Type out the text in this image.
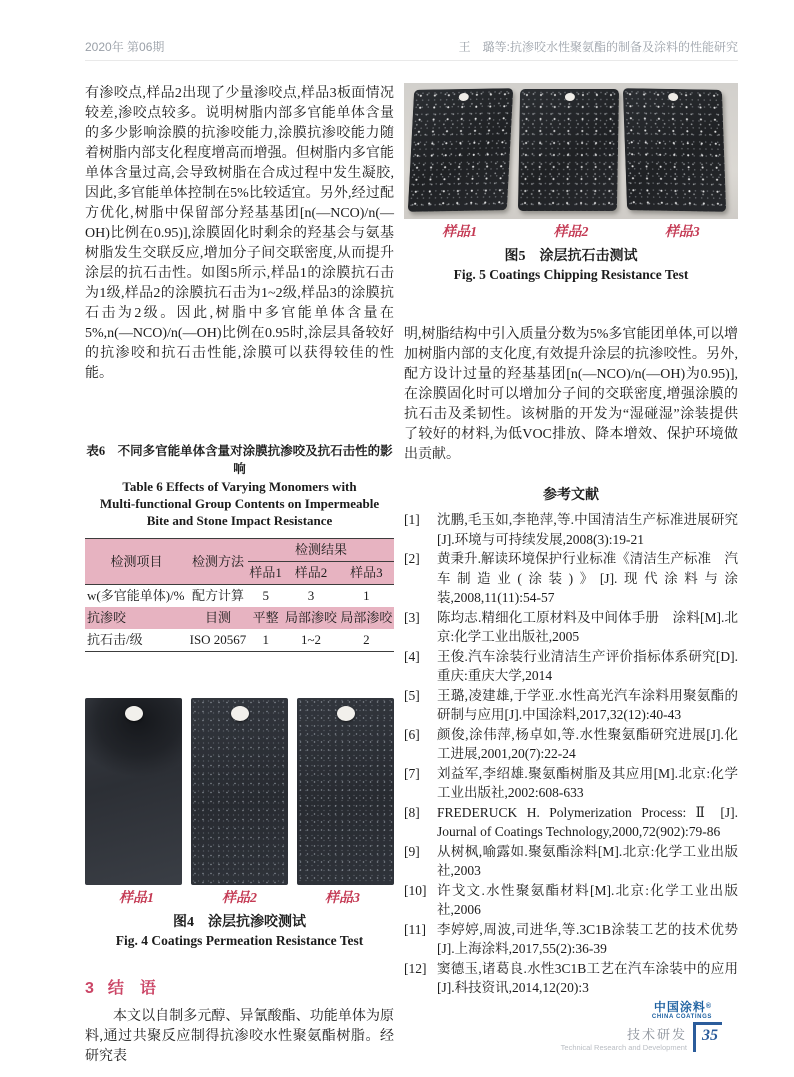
2020年 第06期	王　璐等:抗渗咬水性聚氨酯的制备及涂料的性能研究

有渗咬点,样品2出现了少量渗咬点,样品3板面情况较差,渗咬点较多。说明树脂内部多官能单体含量的多少影响涂膜的抗渗咬能力,涂膜抗渗咬能力随着树脂内部支化程度增高而增强。但树脂内多官能单体含量过高,会导致树脂在合成过程中发生凝胶,因此,多官能单体控制在5%比较适宜。另外,经过配方优化,树脂中保留部分羟基基团[n(—NCO)/n(—OH)比例在0.95)],涂膜固化时剩余的羟基会与氨基树脂发生交联反应,增加分子间交联密度,从而提升涂层的抗石击性。如图5所示,样品1的涂膜抗石击为1级,样品2的涂膜抗石击为1~2级,样品3的涂膜抗石击为2级。因此,树脂中多官能单体含量在5%,n(—NCO)/n(—OH)比例在0.95时,涂层具备较好的抗渗咬和抗石击性能,涂膜可以获得较佳的性能。

表6　不同多官能单体含量对涂膜抗渗咬及抗石击性的影响
Table 6 Effects of Varying Monomers with
Multi-functional Group Contents on Impermeable
Bite and Stone Impact Resistance
检测项目	检测方法	检测结果		
		样品1	样品2	样品3
w(多官能单体)/%	配方计算	5	3	1
抗渗咬	目测	平整	局部渗咬	局部渗咬
抗石击/级	ISO 20567	1	1~2	2
样品1	样品2	样品3
图4　涂层抗渗咬测试
Fig. 4 Coatings Permeation Resistance Test
3 结　语

本文以自制多元醇、异氰酸酯、功能单体为原料,通过共聚反应制得抗渗咬水性聚氨酯树脂。经研究表

样品1	样品2	样品3
图5　涂层抗石击测试
Fig. 5 Coatings Chipping Resistance Test

明,树脂结构中引入质量分数为5%多官能团单体,可以增加树脂内部的支化度,有效提升涂层的抗渗咬性。另外,配方设计过量的羟基基团[n(—NCO)/n(—OH)为0.95)],在涂膜固化时可以增加分子间的交联密度,增强涂膜的抗石击及柔韧性。该树脂的开发为“湿碰湿”涂装提供了较好的材料,为低VOC排放、降本增效、保护环境做出贡献。

参考文献
[1]	沈鹏,毛玉如,李艳萍,等.中国清洁生产标准进展研究[J].环境与可持续发展,2008(3):19-21
[2]	黄秉升.解读环境保护行业标准《清洁生产标准　汽车制造业(涂装)》[J].现代涂料与涂装,2008,11(11):54-57
[3]	陈均志.精细化工原材料及中间体手册　涂料[M].北京:化学工业出版社,2005
[4]	王俊.汽车涂装行业清洁生产评价指标体系研究[D].重庆:重庆大学,2014
[5]	王璐,凌建雄,于学亚.水性高光汽车涂料用聚氨酯的研制与应用[J].中国涂料,2017,32(12):40-43
[6]	颜俊,涂伟萍,杨卓如,等.水性聚氨酯研究进展[J].化工进展,2001,20(7):22-24
[7]	刘益军,李绍雄.聚氨酯树脂及其应用[M].北京:化学工业出版社,2002:608-633
[8]	FREDERUCK H. Polymerization Process: Ⅱ [J]. Journal of Coatings Technology,2000,72(902):79-86
[9]	从树枫,喻露如.聚氨酯涂料[M].北京:化学工业出版社,2003
[10] 许戈文.水性聚氨酯材料[M].北京:化学工业出版社,2006
[11] 李婷婷,周波,司进华,等.3C1B涂装工艺的技术优势[J].上海涂料,2017,55(2):36-39
[12] 窦德玉,诸葛良.水性3C1B工艺在汽车涂装中的应用[J].科技资讯,2014,12(20):3
中国涂料®
CHINA COATINGS
技术研发
Technical Research and Development
35
